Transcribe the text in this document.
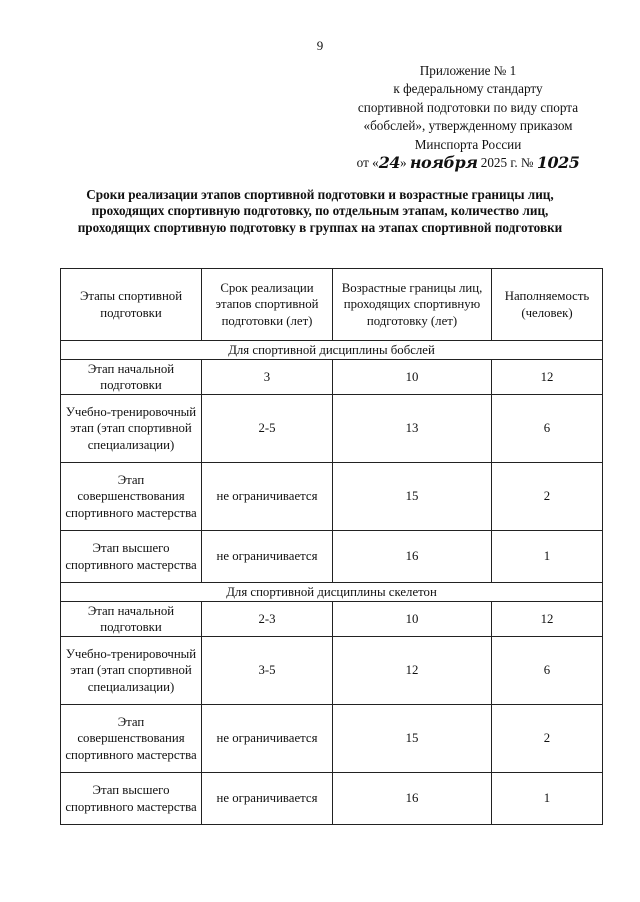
9
Приложение № 1
к федеральному стандарту
спортивной подготовки по виду спорта
«бобслей», утвержденному приказом
Минспорта России
от «24» ноября 2025 г. № 1025
Сроки реализации этапов спортивной подготовки и возрастные границы лиц, проходящих спортивную подготовку, по отдельным этапам, количество лиц, проходящих спортивную подготовку в группах на этапах спортивной подготовки
Этапы спортивной подготовки	Срок реализации этапов спортивной подготовки (лет)	Возрастные границы лиц, проходящих спортивную подготовку (лет)	Наполняемость (человек)
Для спортивной дисциплины бобслей			
Этап начальной подготовки	3	10	12
Учебно-тренировочный этап (этап спортивной специализации)	2-5	13	6
Этап совершенствования спортивного мастерства	не ограничивается	15	2
Этап высшего спортивного мастерства	не ограничивается	16	1
Для спортивной дисциплины скелетон			
Этап начальной подготовки	2-3	10	12
Учебно-тренировочный этап (этап спортивной специализации)	3-5	12	6
Этап совершенствования спортивного мастерства	не ограничивается	15	2
Этап высшего спортивного мастерства	не ограничивается	16	1
